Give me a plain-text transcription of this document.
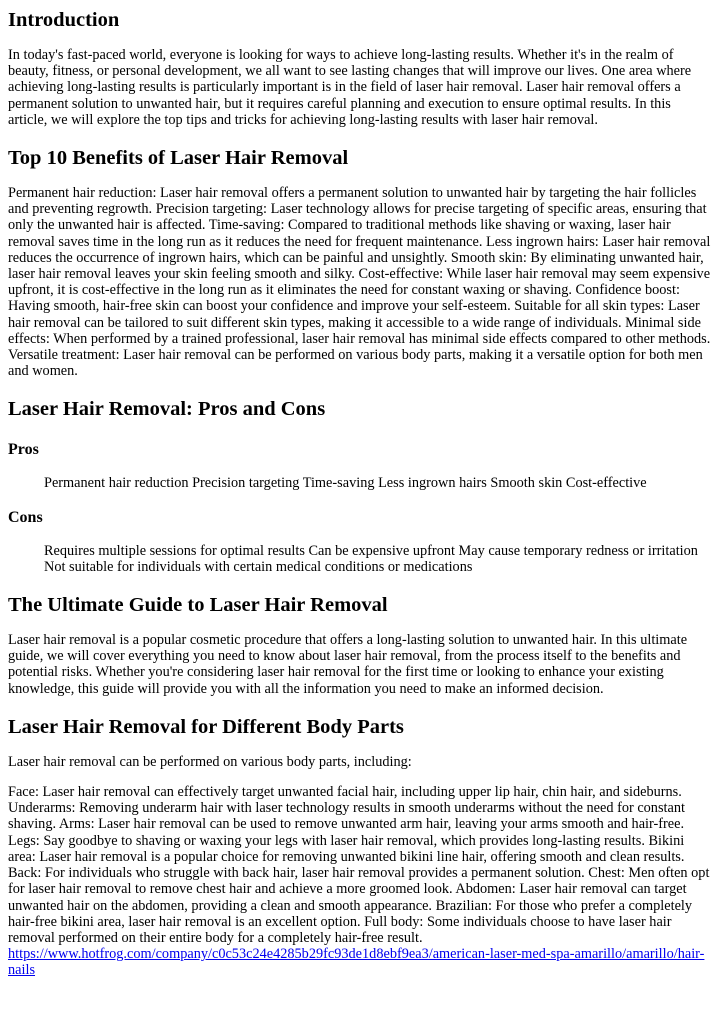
Introduction

In today's fast-paced world, everyone is looking for ways to achieve long-lasting results. Whether it's in the realm of beauty, fitness, or personal development, we all want to see lasting changes that will improve our lives. One area where achieving long-lasting results is particularly important is in the field of laser hair removal. Laser hair removal offers a permanent solution to unwanted hair, but it requires careful planning and execution to ensure optimal results. In this article, we will explore the top tips and tricks for achieving long-lasting results with laser hair removal.

Top 10 Benefits of Laser Hair Removal

Permanent hair reduction: Laser hair removal offers a permanent solution to unwanted hair by targeting the hair follicles and preventing regrowth. Precision targeting: Laser technology allows for precise targeting of specific areas, ensuring that only the unwanted hair is affected. Time-saving: Compared to traditional methods like shaving or waxing, laser hair removal saves time in the long run as it reduces the need for frequent maintenance. Less ingrown hairs: Laser hair removal reduces the occurrence of ingrown hairs, which can be painful and unsightly. Smooth skin: By eliminating unwanted hair, laser hair removal leaves your skin feeling smooth and silky. Cost-effective: While laser hair removal may seem expensive upfront, it is cost-effective in the long run as it eliminates the need for constant waxing or shaving. Confidence boost: Having smooth, hair-free skin can boost your confidence and improve your self-esteem. Suitable for all skin types: Laser hair removal can be tailored to suit different skin types, making it accessible to a wide range of individuals. Minimal side effects: When performed by a trained professional, laser hair removal has minimal side effects compared to other methods. Versatile treatment: Laser hair removal can be performed on various body parts, making it a versatile option for both men and women.

Laser Hair Removal: Pros and Cons
Pros

Permanent hair reduction Precision targeting Time-saving Less ingrown hairs Smooth skin Cost-effective

Cons

Requires multiple sessions for optimal results Can be expensive upfront May cause temporary redness or irritation Not suitable for individuals with certain medical conditions or medications

The Ultimate Guide to Laser Hair Removal

Laser hair removal is a popular cosmetic procedure that offers a long-lasting solution to unwanted hair. In this ultimate guide, we will cover everything you need to know about laser hair removal, from the process itself to the benefits and potential risks. Whether you're considering laser hair removal for the first time or looking to enhance your existing knowledge, this guide will provide you with all the information you need to make an informed decision.

Laser Hair Removal for Different Body Parts

Laser hair removal can be performed on various body parts, including:

Face: Laser hair removal can effectively target unwanted facial hair, including upper lip hair, chin hair, and sideburns. Underarms: Removing underarm hair with laser technology results in smooth underarms without the need for constant shaving. Arms: Laser hair removal can be used to remove unwanted arm hair, leaving your arms smooth and hair-free. Legs: Say goodbye to shaving or waxing your legs with laser hair removal, which provides long-lasting results. Bikini area: Laser hair removal is a popular choice for removing unwanted bikini line hair, offering smooth and clean results. Back: For individuals who struggle with back hair, laser hair removal provides a permanent solution. Chest: Men often opt for laser hair removal to remove chest hair and achieve a more groomed look. Abdomen: Laser hair removal can target unwanted hair on the abdomen, providing a clean and smooth appearance. Brazilian: For those who prefer a completely hair-free bikini area, laser hair removal is an excellent option. Full body: Some individuals choose to have laser hair removal performed on their entire body for a completely hair-free result. https://www.hotfrog.com/company/c0c53c24e4285b29fc93de1d8ebf9ea3/american-laser-med-spa-amarillo/amarillo/hair-nails
